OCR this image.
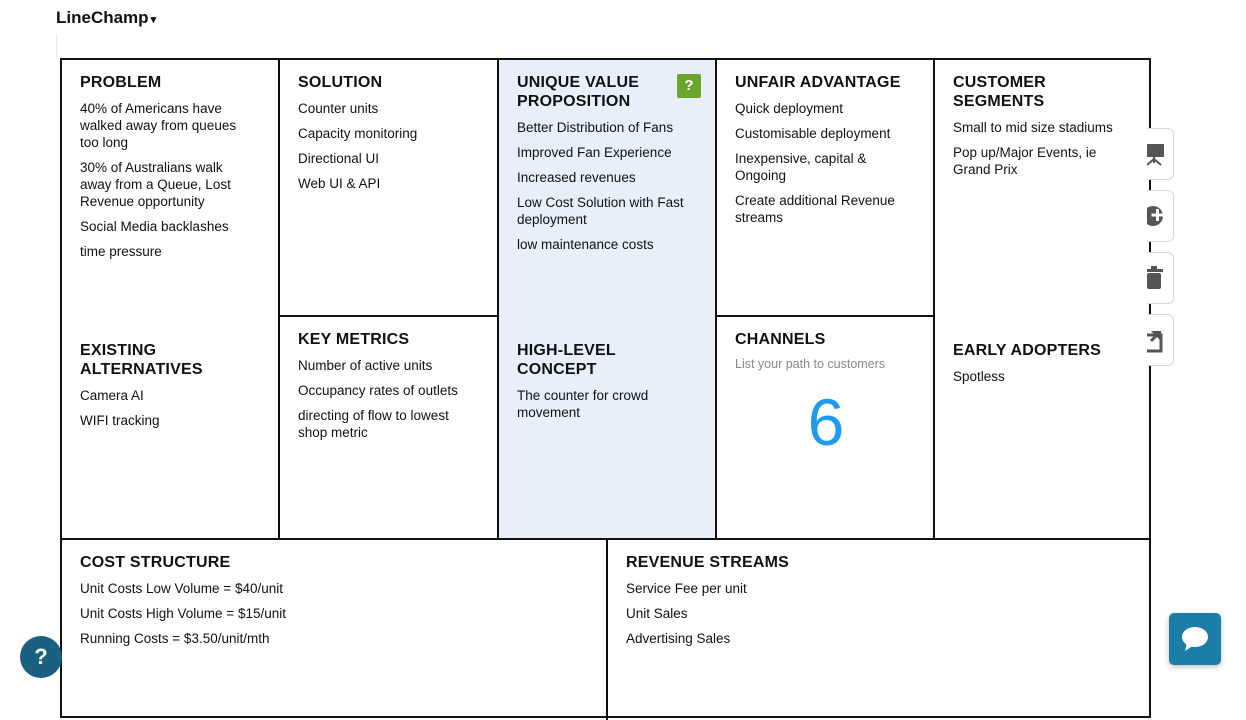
LineChamp ▾
PROBLEM
40% of Americans have walked away from queues too long
30% of Australians walk away from a Queue, Lost Revenue opportunity
Social Media backlashes
time pressure
EXISTING ALTERNATIVES
Camera AI
WIFI tracking
SOLUTION
Counter units
Capacity monitoring
Directional UI
Web UI & API
KEY METRICS
Number of active units
Occupancy rates of outlets
directing of flow to lowest shop metric
UNIQUE VALUE PROPOSITION
?
Better Distribution of Fans
Improved Fan Experience
Increased revenues
Low Cost Solution with Fast deployment
low maintenance costs
HIGH-LEVEL CONCEPT
The counter for crowd movement
UNFAIR ADVANTAGE
Quick deployment
Customisable deployment
Inexpensive, capital & Ongoing
Create additional Revenue streams
CHANNELS
List your path to customers
6
CUSTOMER SEGMENTS
Small to mid size stadiums
Pop up/Major Events, ie Grand Prix
EARLY ADOPTERS
Spotless
COST STRUCTURE
Unit Costs Low Volume = $40/unit
Unit Costs High Volume = $15/unit
Running Costs = $3.50/unit/mth
REVENUE STREAMS
Service Fee per unit
Unit Sales
Advertising Sales
?
